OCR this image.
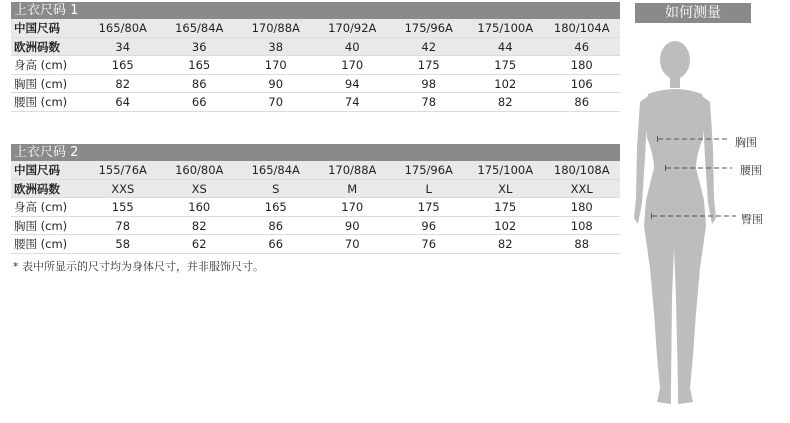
上衣尺码 1
中国尺码	165/80A	165/84A	170/88A	170/92A	175/96A	175/100A	180/104A
欧洲码数	34	36	38	40	42	44	46
身高 (cm)	165	165	170	170	175	175	180
胸围 (cm)	82	86	90	94	98	102	106
腰围 (cm)	64	66	70	74	78	82	86
上衣尺码 2
中国尺码	155/76A	160/80A	165/84A	170/88A	175/96A	175/100A	180/108A
欧洲码数	XXS	XS	S	M	L	XL	XXL
身高 (cm)	155	160	165	170	175	175	180
胸围 (cm)	78	82	86	90	96	102	108
腰围 (cm)	58	62	66	70	76	82	88
* 表中所显示的尺寸均为身体尺寸，并非服饰尺寸。
如何测量
胸围
腰围
臀围
